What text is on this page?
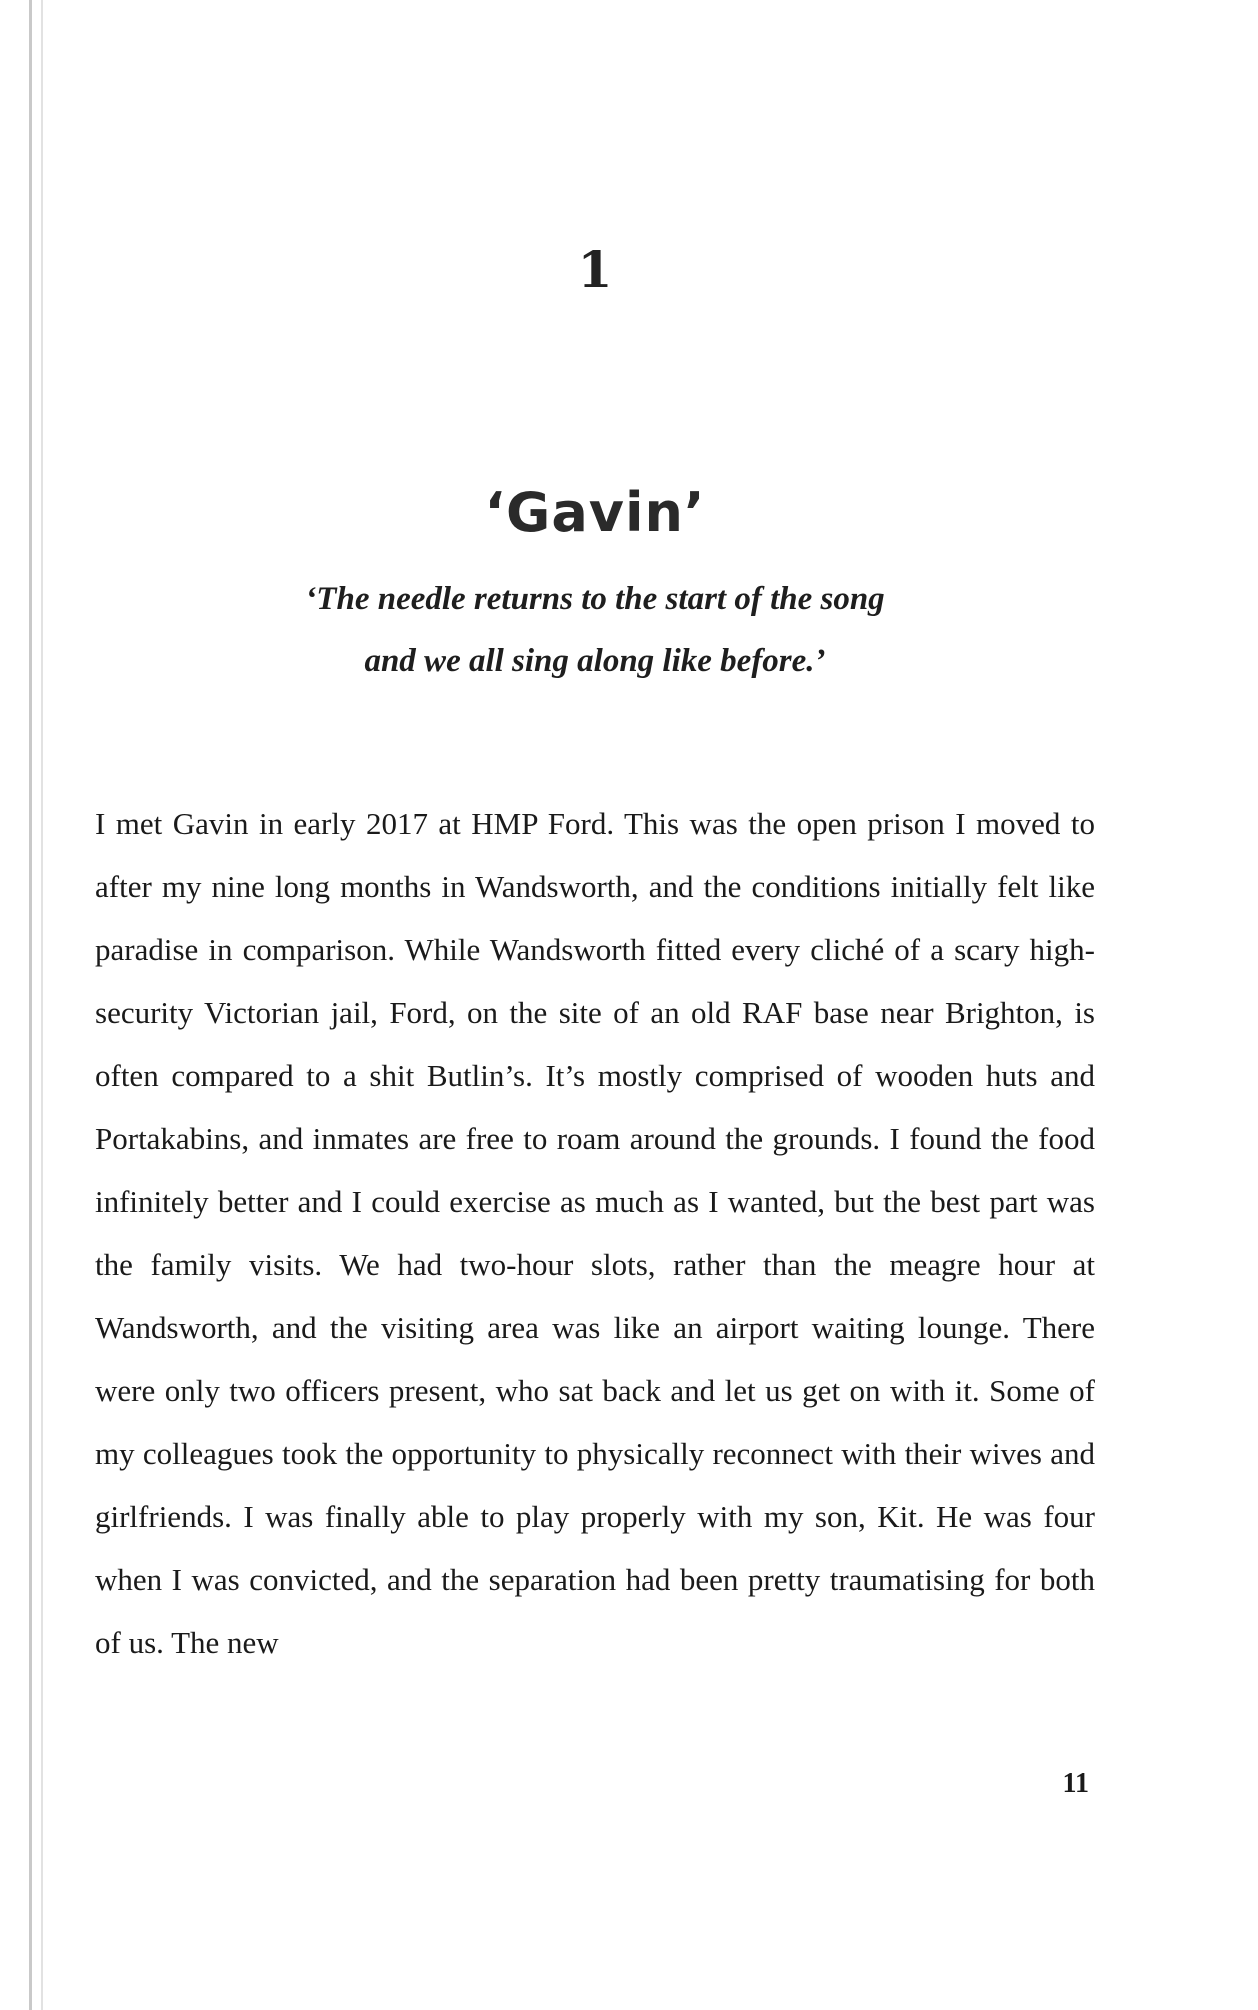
1
‘Gavin’
‘The needle returns to the start of the song
and we all sing along like before.’

I met Gavin in early 2017 at HMP Ford. This was the open prison I moved to after my nine long months in Wandsworth, and the conditions initially felt like paradise in comparison. While Wandsworth fitted every cliché of a scary high-security Victorian jail, Ford, on the site of an old RAF base near Brighton, is often compared to a shit Butlin’s. It’s mostly comprised of wooden huts and Portakabins, and inmates are free to roam around the grounds. I found the food infinitely better and I could exercise as much as I wanted, but the best part was the family visits. We had two-hour slots, rather than the meagre hour at Wandsworth, and the visiting area was like an airport waiting lounge. There were only two officers present, who sat back and let us get on with it. Some of my colleagues took the opportunity to physically reconnect with their wives and girlfriends. I was finally able to play properly with my son, Kit. He was four when I was convicted, and the separation had been pretty traumatising for both of us. The new

11
